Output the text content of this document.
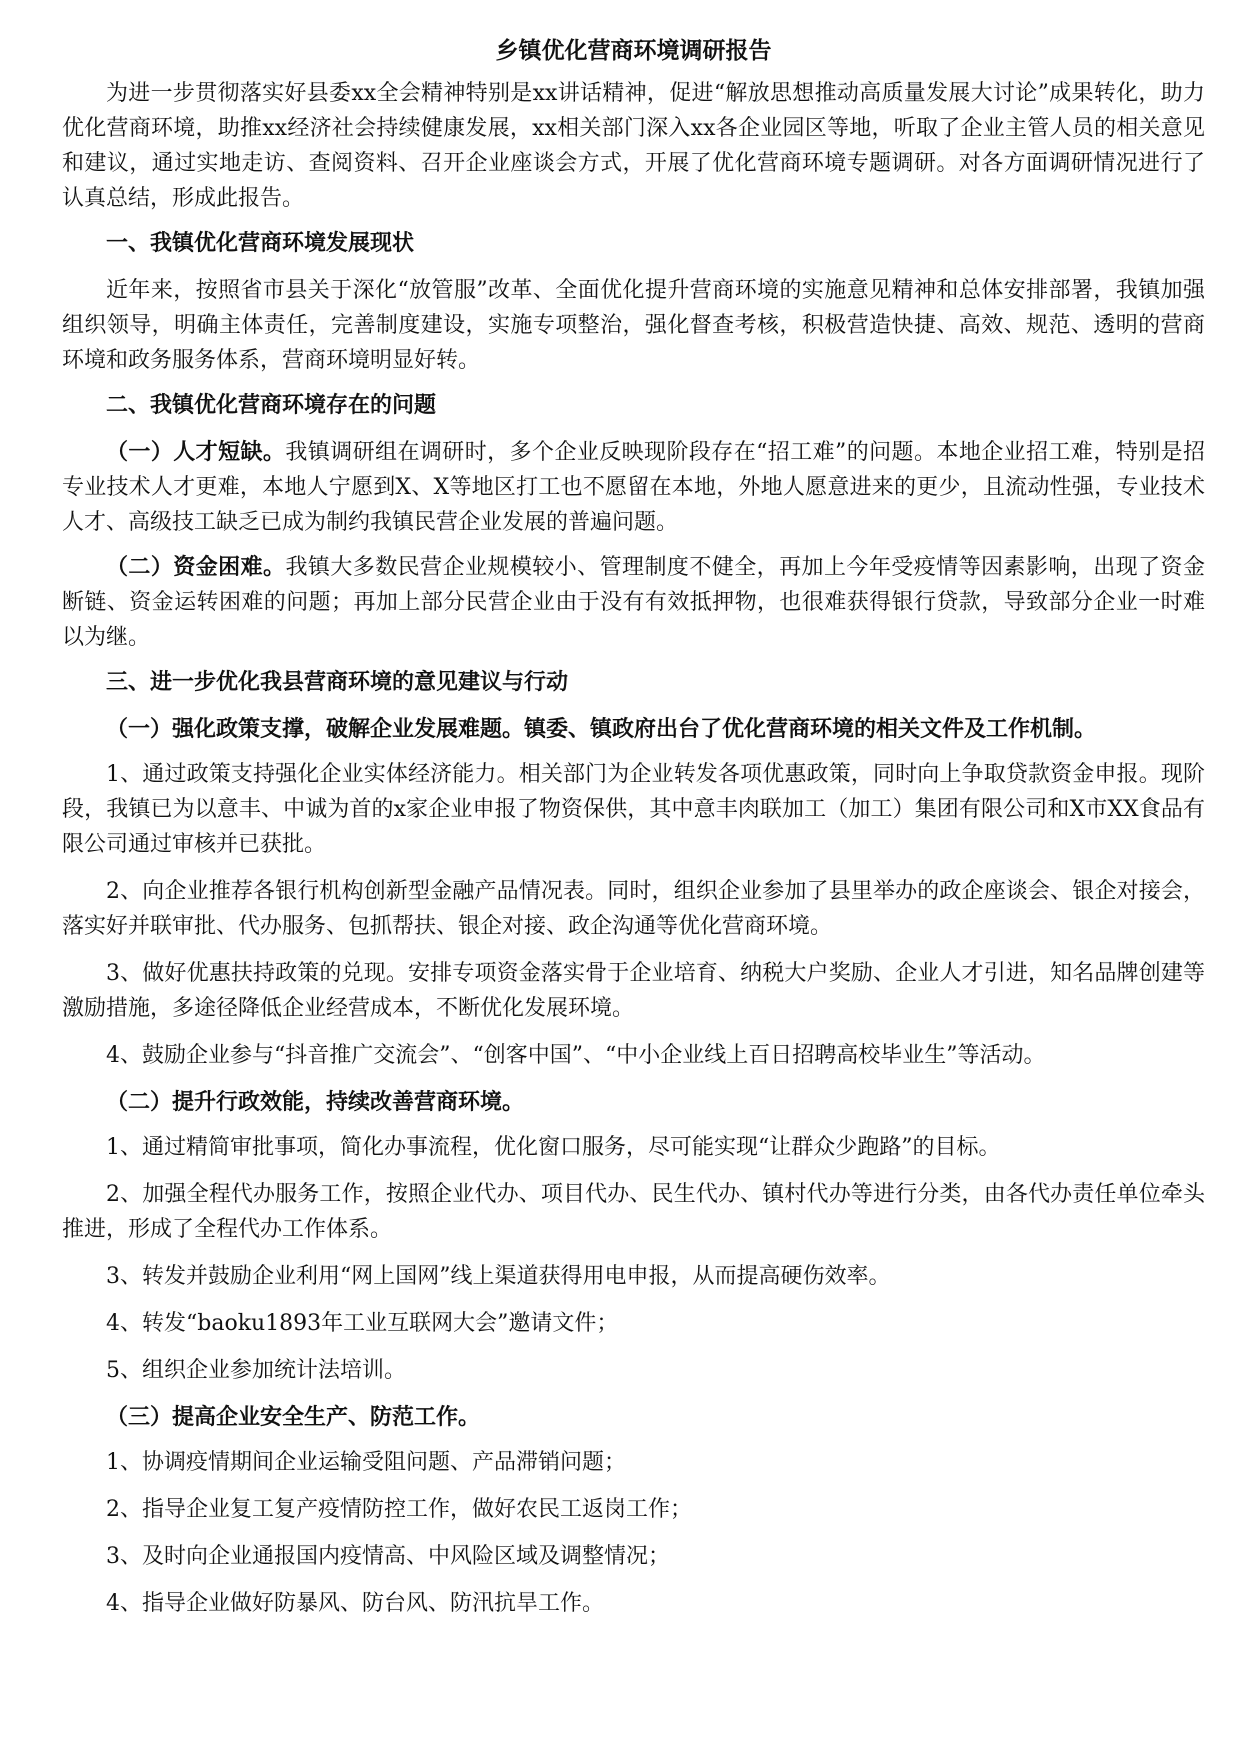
乡镇优化营商环境调研报告

为进一步贯彻落实好县委xx全会精神特别是xx讲话精神，促进“解放思想推动高质量发展大讨论”成果转化，助力优化营商环境，助推xx经济社会持续健康发展，xx相关部门深入xx各企业园区等地，听取了企业主管人员的相关意见和建议，通过实地走访、查阅资料、召开企业座谈会方式，开展了优化营商环境专题调研。对各方面调研情况进行了认真总结，形成此报告。

一、我镇优化营商环境发展现状

近年来，按照省市县关于深化“放管服”改革、全面优化提升营商环境的实施意见精神和总体安排部署，我镇加强组织领导，明确主体责任，完善制度建设，实施专项整治，强化督查考核，积极营造快捷、高效、规范、透明的营商环境和政务服务体系，营商环境明显好转。

二、我镇优化营商环境存在的问题

（一）人才短缺。我镇调研组在调研时，多个企业反映现阶段存在“招工难”的问题。本地企业招工难，特别是招专业技术人才更难，本地人宁愿到X、X等地区打工也不愿留在本地，外地人愿意进来的更少，且流动性强，专业技术人才、高级技工缺乏已成为制约我镇民营企业发展的普遍问题。

（二）资金困难。我镇大多数民营企业规模较小、管理制度不健全，再加上今年受疫情等因素影响，出现了资金断链、资金运转困难的问题；再加上部分民营企业由于没有有效抵押物，也很难获得银行贷款，导致部分企业一时难以为继。

三、进一步优化我县营商环境的意见建议与行动

（一）强化政策支撑，破解企业发展难题。镇委、镇政府出台了优化营商环境的相关文件及工作机制。

1、通过政策支持强化企业实体经济能力。相关部门为企业转发各项优惠政策，同时向上争取贷款资金申报。现阶段，我镇已为以意丰、中诚为首的x家企业申报了物资保供，其中意丰肉联加工（加工）集团有限公司和X市XX食品有限公司通过审核并已获批。

2、向企业推荐各银行机构创新型金融产品情况表。同时，组织企业参加了县里举办的政企座谈会、银企对接会，落实好并联审批、代办服务、包抓帮扶、银企对接、政企沟通等优化营商环境。

3、做好优惠扶持政策的兑现。安排专项资金落实骨于企业培育、纳税大户奖励、企业人才引进，知名品牌创建等激励措施，多途径降低企业经营成本，不断优化发展环境。

4、鼓励企业参与“抖音推广交流会”、“创客中国”、“中小企业线上百日招聘高校毕业生”等活动。

（二）提升行政效能，持续改善营商环境。

1、通过精简审批事项，简化办事流程，优化窗口服务，尽可能实现“让群众少跑路”的目标。

2、加强全程代办服务工作，按照企业代办、项目代办、民生代办、镇村代办等进行分类，由各代办责任单位牵头推进，形成了全程代办工作体系。

3、转发并鼓励企业利用“网上国网”线上渠道获得用电申报，从而提高硬伤效率。

4、转发“baoku1893年工业互联网大会”邀请文件；

5、组织企业参加统计法培训。

（三）提高企业安全生产、防范工作。

1、协调疫情期间企业运输受阻问题、产品滞销问题；

2、指导企业复工复产疫情防控工作，做好农民工返岗工作；

3、及时向企业通报国内疫情高、中风险区域及调整情况；

4、指导企业做好防暴风、防台风、防汛抗旱工作。
